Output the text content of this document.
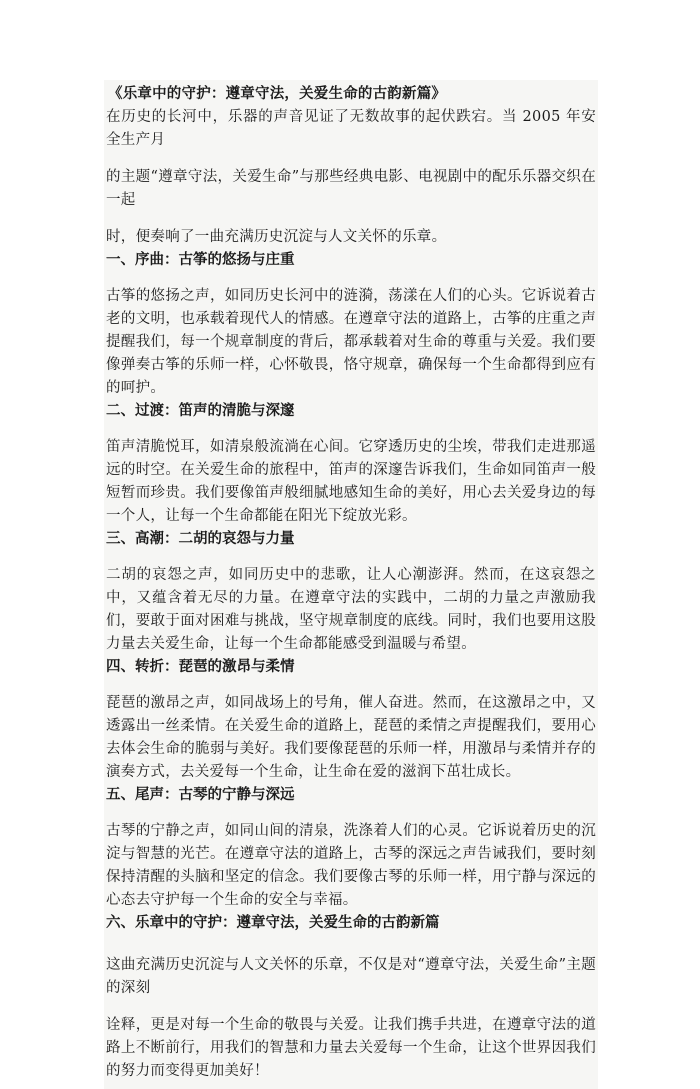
《乐章中的守护：遵章守法，关爱生命的古韵新篇》

在历史的长河中，乐器的声音见证了无数故事的起伏跌宕。当 2005 年安全生产月

的主题“遵章守法，关爱生命”与那些经典电影、电视剧中的配乐乐器交织在一起

时，便奏响了一曲充满历史沉淀与人文关怀的乐章。

一、序曲：古筝的悠扬与庄重

古筝的悠扬之声，如同历史长河中的涟漪，荡漾在人们的心头。它诉说着古老的文明，也承载着现代人的情感。在遵章守法的道路上，古筝的庄重之声提醒我们，每一个规章制度的背后，都承载着对生命的尊重与关爱。我们要像弹奏古筝的乐师一样，心怀敬畏，恪守规章，确保每一个生命都得到应有的呵护。

二、过渡：笛声的清脆与深邃

笛声清脆悦耳，如清泉般流淌在心间。它穿透历史的尘埃，带我们走进那遥远的时空。在关爱生命的旅程中，笛声的深邃告诉我们，生命如同笛声一般短暂而珍贵。我们要像笛声般细腻地感知生命的美好，用心去关爱身边的每一个人，让每一个生命都能在阳光下绽放光彩。

三、高潮：二胡的哀怨与力量

二胡的哀怨之声，如同历史中的悲歌，让人心潮澎湃。然而，在这哀怨之中，又蕴含着无尽的力量。在遵章守法的实践中，二胡的力量之声激励我们，要敢于面对困难与挑战，坚守规章制度的底线。同时，我们也要用这股力量去关爱生命，让每一个生命都能感受到温暖与希望。

四、转折：琵琶的激昂与柔情

琵琶的激昂之声，如同战场上的号角，催人奋进。然而，在这激昂之中，又透露出一丝柔情。在关爱生命的道路上，琵琶的柔情之声提醒我们，要用心去体会生命的脆弱与美好。我们要像琵琶的乐师一样，用激昂与柔情并存的演奏方式，去关爱每一个生命，让生命在爱的滋润下茁壮成长。

五、尾声：古琴的宁静与深远

古琴的宁静之声，如同山间的清泉，洗涤着人们的心灵。它诉说着历史的沉淀与智慧的光芒。在遵章守法的道路上，古琴的深远之声告诫我们，要时刻保持清醒的头脑和坚定的信念。我们要像古琴的乐师一样，用宁静与深远的心态去守护每一个生命的安全与幸福。

六、乐章中的守护：遵章守法，关爱生命的古韵新篇

这曲充满历史沉淀与人文关怀的乐章，不仅是对“遵章守法，关爱生命”主题的深刻

诠释，更是对每一个生命的敬畏与关爱。让我们携手共进，在遵章守法的道路上不断前行，用我们的智慧和力量去关爱每一个生命，让这个世界因我们的努力而变得更加美好！
